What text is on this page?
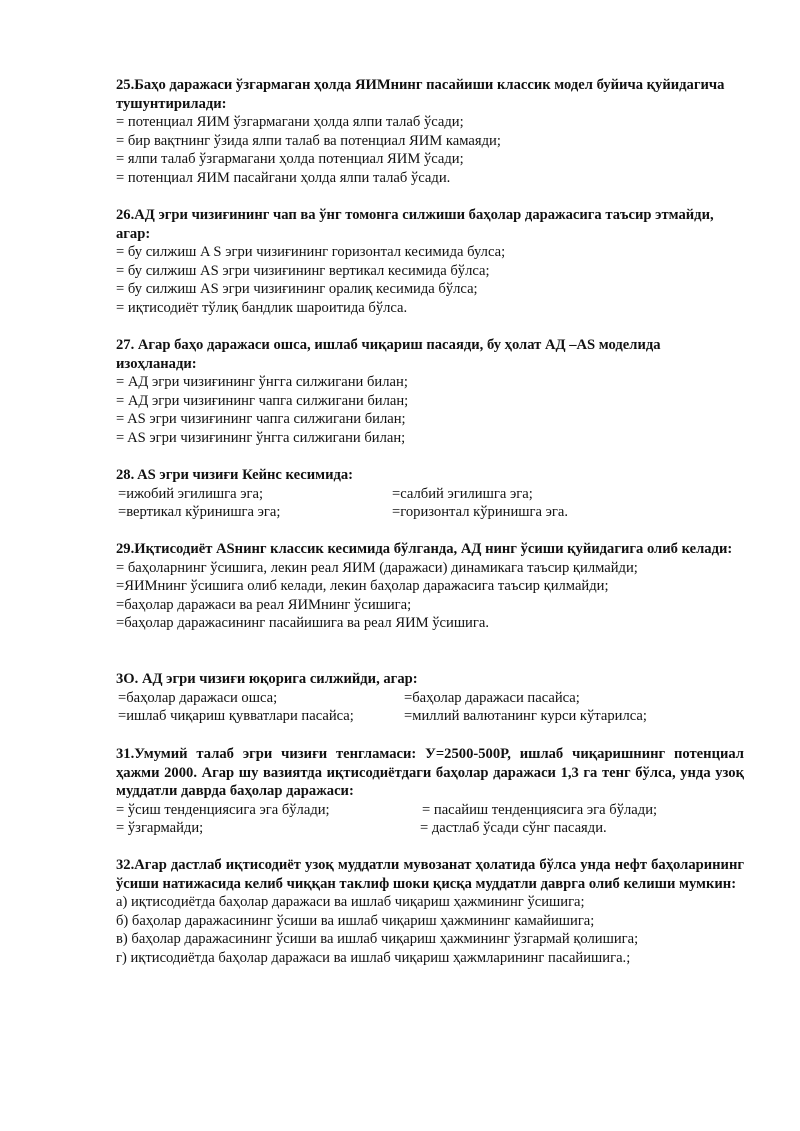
25.Баҳо даражаси ўзгармаган ҳолда ЯИМнинг пасайиши классик модел буйича қуйидагича тушунтирилади:

= потенциал ЯИМ ўзгармагани ҳолда ялпи талаб ўсади;

= бир вақтнинг ўзида ялпи талаб ва потенциал ЯИМ камаяди;

= ялпи талаб ўзгармагани ҳолда потенциал ЯИМ ўсади;

= потенциал ЯИМ пасайгани ҳолда ялпи талаб ўсади.

26.АД эгри чизиғининг чап ва ўнг томонга силжиши баҳолар даражасига таъсир этмайди, агар:

= бу силжиш A S эгри чизиғининг горизонтал кесимида булса;

= бу силжиш AS эгри чизиғининг вертикал кесимида бўлса;

= бу силжиш AS эгри чизиғининг оралиқ кесимида бўлса;

= иқтисодиёт тўлиқ бандлик шароитида бўлса.

27. Агар баҳо даражаси ошса, ишлаб чиқариш пасаяди, бу ҳолат АД –AS моделида изоҳланади:

= АД эгри чизиғининг ўнгга силжигани билан;

= АД эгри чизиғининг чапга силжигани билан;

= AS эгри чизиғининг чапга силжигани билан;

= AS эгри чизиғининг ўнгга силжигани билан;

28. AS эгри чизиғи Кейнс кесимида:

=ижобий эгилишга эга;	=салбий эгилишга эга;
=вертикал кўринишга эга;	=горизонтал кўринишга эга.

29.Иқтисодиёт ASнинг классик кесимида бўлганда, АД нинг ўсиши қуйидагига олиб келади:

= баҳоларнинг ўсишига, лекин реал ЯИМ (даражаси) динамикага таъсир қилмайди;

=ЯИМнинг ўсишига олиб келади, лекин баҳолар даражасига таъсир қилмайди;

=баҳолар даражаси ва реал ЯИМнинг ўсишига;

=баҳолар даражасининг пасайишига ва реал ЯИМ ўсишига.

3О. АД эгри чизиғи юқорига силжийди, агар:

=баҳолар даражаси ошса;	=баҳолар даражаси пасайса;
=ишлаб чиқариш қувватлари пасайса;	=миллий валютанинг курси кўтарилса;

31.Умумий талаб эгри чизиғи тенгламаси: У=2500-500Р, ишлаб чиқаришнинг потенциал ҳажми 2000. Агар шу вазиятда иқтисодиётдаги баҳолар даражаси 1,3 га тенг бўлса, унда узоқ муддатли даврда баҳолар даражаси:

= ўсиш тенденциясига эга бўлади;	= пасайиш тенденциясига эга бўлади;
= ўзгармайди;	= дастлаб ўсади сўнг пасаяди.

32.Агар дастлаб иқтисодиёт узоқ муддатли мувозанат ҳолатида бўлса унда нефт баҳоларининг ўсиши натижасида келиб чиққан таклиф шоки қисқа муддатли даврга олиб келиши мумкин:

а) иқтисодиётда баҳолар даражаси ва ишлаб чиқариш ҳажмининг ўсишига;

б) баҳолар даражасининг ўсиши ва ишлаб чиқариш ҳажмининг камайишига;

в) баҳолар даражасининг ўсиши ва ишлаб чиқариш ҳажмининг ўзгармай қолишига;

г) иқтисодиётда баҳолар даражаси ва ишлаб чиқариш ҳажмларининг пасайишига.;
